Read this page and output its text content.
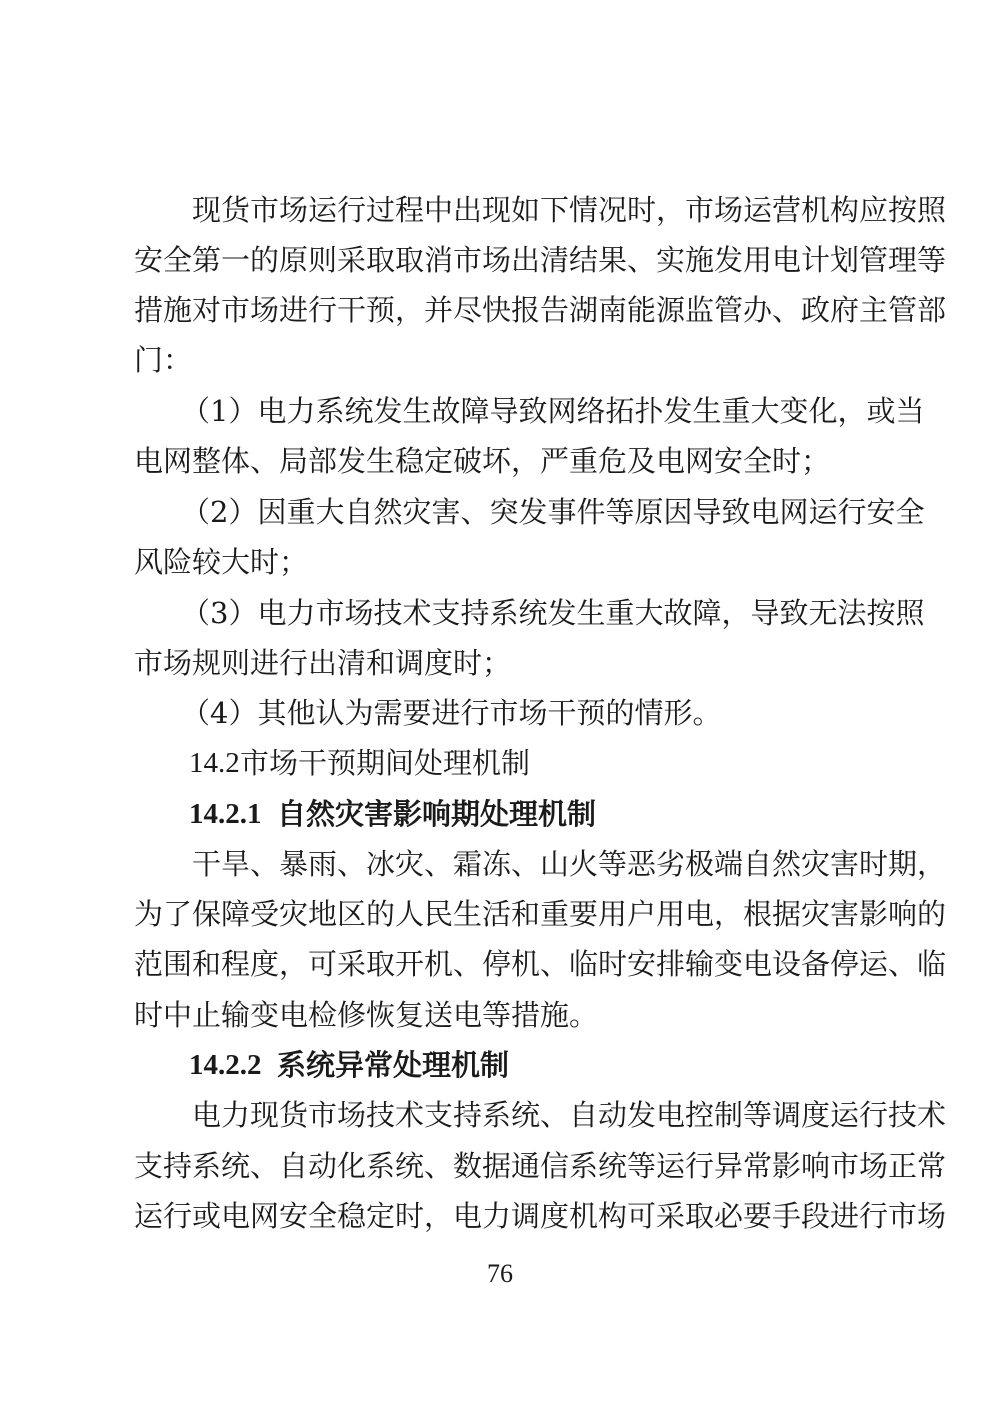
现货市场运行过程中出现如下情况时，市场运营机构应按照
安全第一的原则采取取消市场出清结果、实施发用电计划管理等
措施对市场进行干预，并尽快报告湖南能源监管办、政府主管部
门：
（1）电力系统发生故障导致网络拓扑发生重大变化，或当
电网整体、局部发生稳定破坏，严重危及电网安全时；
（2）因重大自然灾害、突发事件等原因导致电网运行安全
风险较大时；
（3）电力市场技术支持系统发生重大故障，导致无法按照
市场规则进行出清和调度时；
（4）其他认为需要进行市场干预的情形。
14.2 市场干预期间处理机制
14.2.1 自然灾害影响期处理机制
干旱、暴雨、冰灾、霜冻、山火等恶劣极端自然灾害时期，
为了保障受灾地区的人民生活和重要用户用电，根据灾害影响的
范围和程度，可采取开机、停机、临时安排输变电设备停运、临
时中止输变电检修恢复送电等措施。
14.2.2 系统异常处理机制
电力现货市场技术支持系统、自动发电控制等调度运行技术
支持系统、自动化系统、数据通信系统等运行异常影响市场正常
运行或电网安全稳定时，电力调度机构可采取必要手段进行市场
76
